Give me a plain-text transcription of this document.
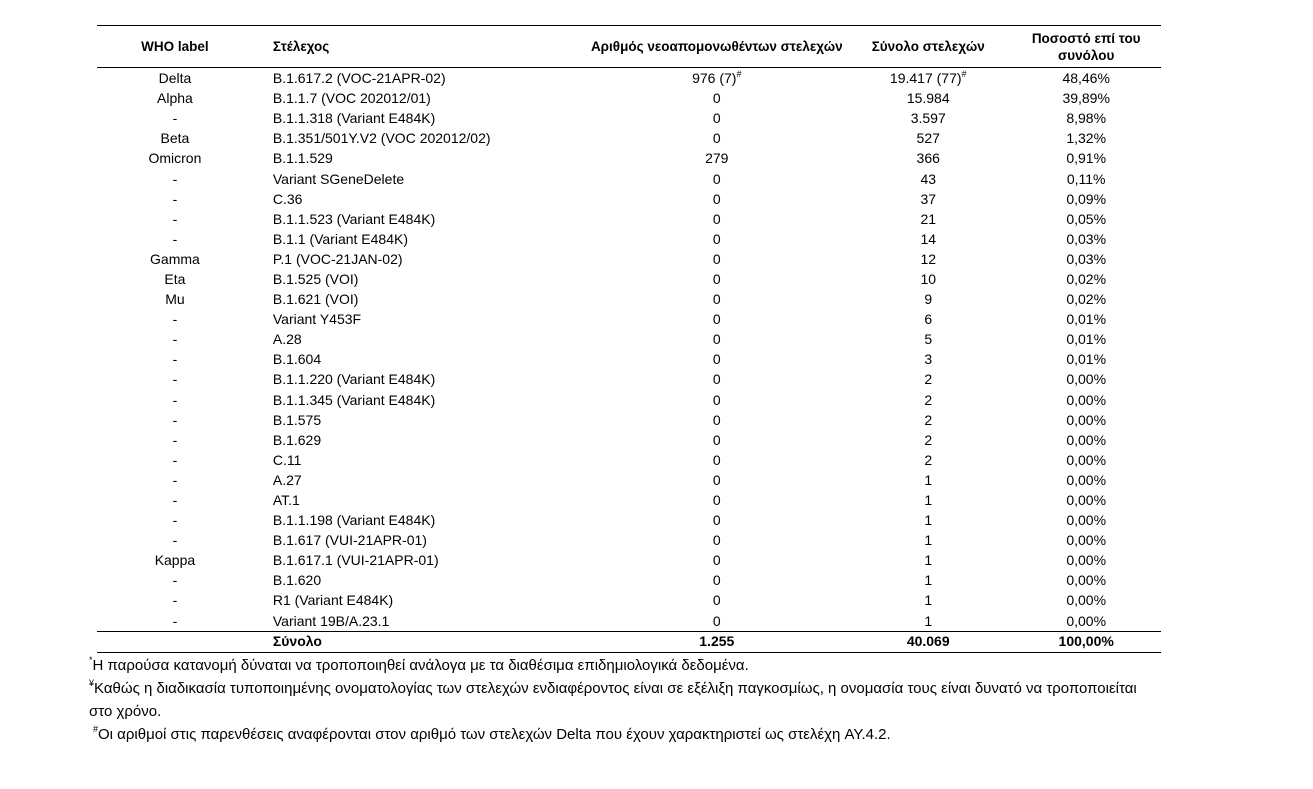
WHO label	Στέλεχος	Αριθμός νεοαπομονωθέντων στελεχών	Σύνολο στελεχών	Ποσοστό επί του συνόλου
Delta	B.1.617.2 (VOC-21APR-02)	976 (7)#	19.417 (77)#	48,46%
Alpha	B.1.1.7 (VOC 202012/01)	0	15.984	39,89%
-	B.1.1.318 (Variant E484K)	0	3.597	8,98%
Beta	B.1.351/501Y.V2 (VOC 202012/02)	0	527	1,32%
Omicron	B.1.1.529	279	366	0,91%
-	Variant SGeneDelete	0	43	0,11%
-	C.36	0	37	0,09%
-	B.1.1.523 (Variant E484K)	0	21	0,05%
-	B.1.1 (Variant E484K)	0	14	0,03%
Gamma	P.1 (VOC-21JAN-02)	0	12	0,03%
Eta	B.1.525 (VOI)	0	10	0,02%
Mu	B.1.621 (VOI)	0	9	0,02%
-	Variant Y453F	0	6	0,01%
-	A.28	0	5	0,01%
-	B.1.604	0	3	0,01%
-	B.1.1.220 (Variant E484K)	0	2	0,00%
-	B.1.1.345 (Variant E484K)	0	2	0,00%
-	B.1.575	0	2	0,00%
-	B.1.629	0	2	0,00%
-	C.11	0	2	0,00%
-	A.27	0	1	0,00%
-	AT.1	0	1	0,00%
-	B.1.1.198 (Variant E484K)	0	1	0,00%
-	B.1.617 (VUI-21APR-01)	0	1	0,00%
Kappa	B.1.617.1 (VUI-21APR-01)	0	1	0,00%
-	B.1.620	0	1	0,00%
-	R1 (Variant E484K)	0	1	0,00%
-	Variant 19B/A.23.1	0	1	0,00%
	Σύνολο	1.255	40.069	100,00%

*Η παρούσα κατανομή δύναται να τροποποιηθεί ανάλογα με τα διαθέσιμα επιδημιολογικά δεδομένα.

¥Καθώς η διαδικασία τυποποιημένης ονοματολογίας των στελεχών ενδιαφέροντος είναι σε εξέλιξη παγκοσμίως, η ονομασία τους είναι δυνατό να τροποποιείται στο χρόνο.

#Οι αριθμοί στις παρενθέσεις αναφέρονται στον αριθμό των στελεχών Delta που έχουν χαρακτηριστεί ως στελέχη AY.4.2.
